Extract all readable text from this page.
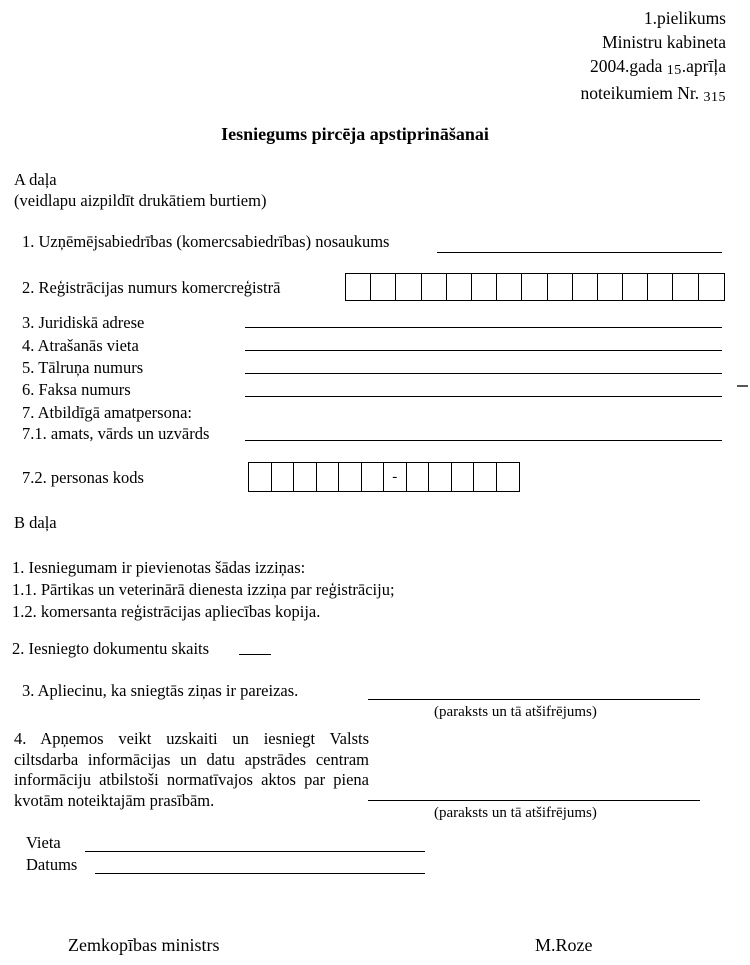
1.pielikums
Ministru kabineta
2004.gada 15.aprīļa
noteikumiem Nr. 315
Iesniegums pircēja apstiprināšanai
A daļa
(veidlapu aizpildīt drukātiem burtiem)
1. Uzņēmējsabiedrības (komercsabiedrības) nosaukums
2. Reģistrācijas numurs komercreģistrā
3. Juridiskā adrese
4. Atrašanās vieta
5. Tālruņa numurs
6. Faksa numurs
7. Atbildīgā amatpersona:
7.1. amats, vārds un uzvārds
7.2. personas kods	-
B daļa
1. Iesniegumam ir pievienotas šādas izziņas:
1.1. Pārtikas un veterinārā dienesta izziņa par reģistrāciju;
1.2. komersanta reģistrācijas apliecības kopija.
2. Iesniegto dokumentu skaits
3. Apliecinu, ka sniegtās ziņas ir pareizas.
(paraksts un tā atšifrējums)
4. Apņemos veikt uzskaiti un iesniegt Valsts ciltsdarba informācijas un datu apstrādes centram informāciju atbilstoši normatīvajos aktos par piena kvotām noteiktajām prasībām.
(paraksts un tā atšifrējums)
Vieta
Datums
Zemkopības ministrs	M.Roze
